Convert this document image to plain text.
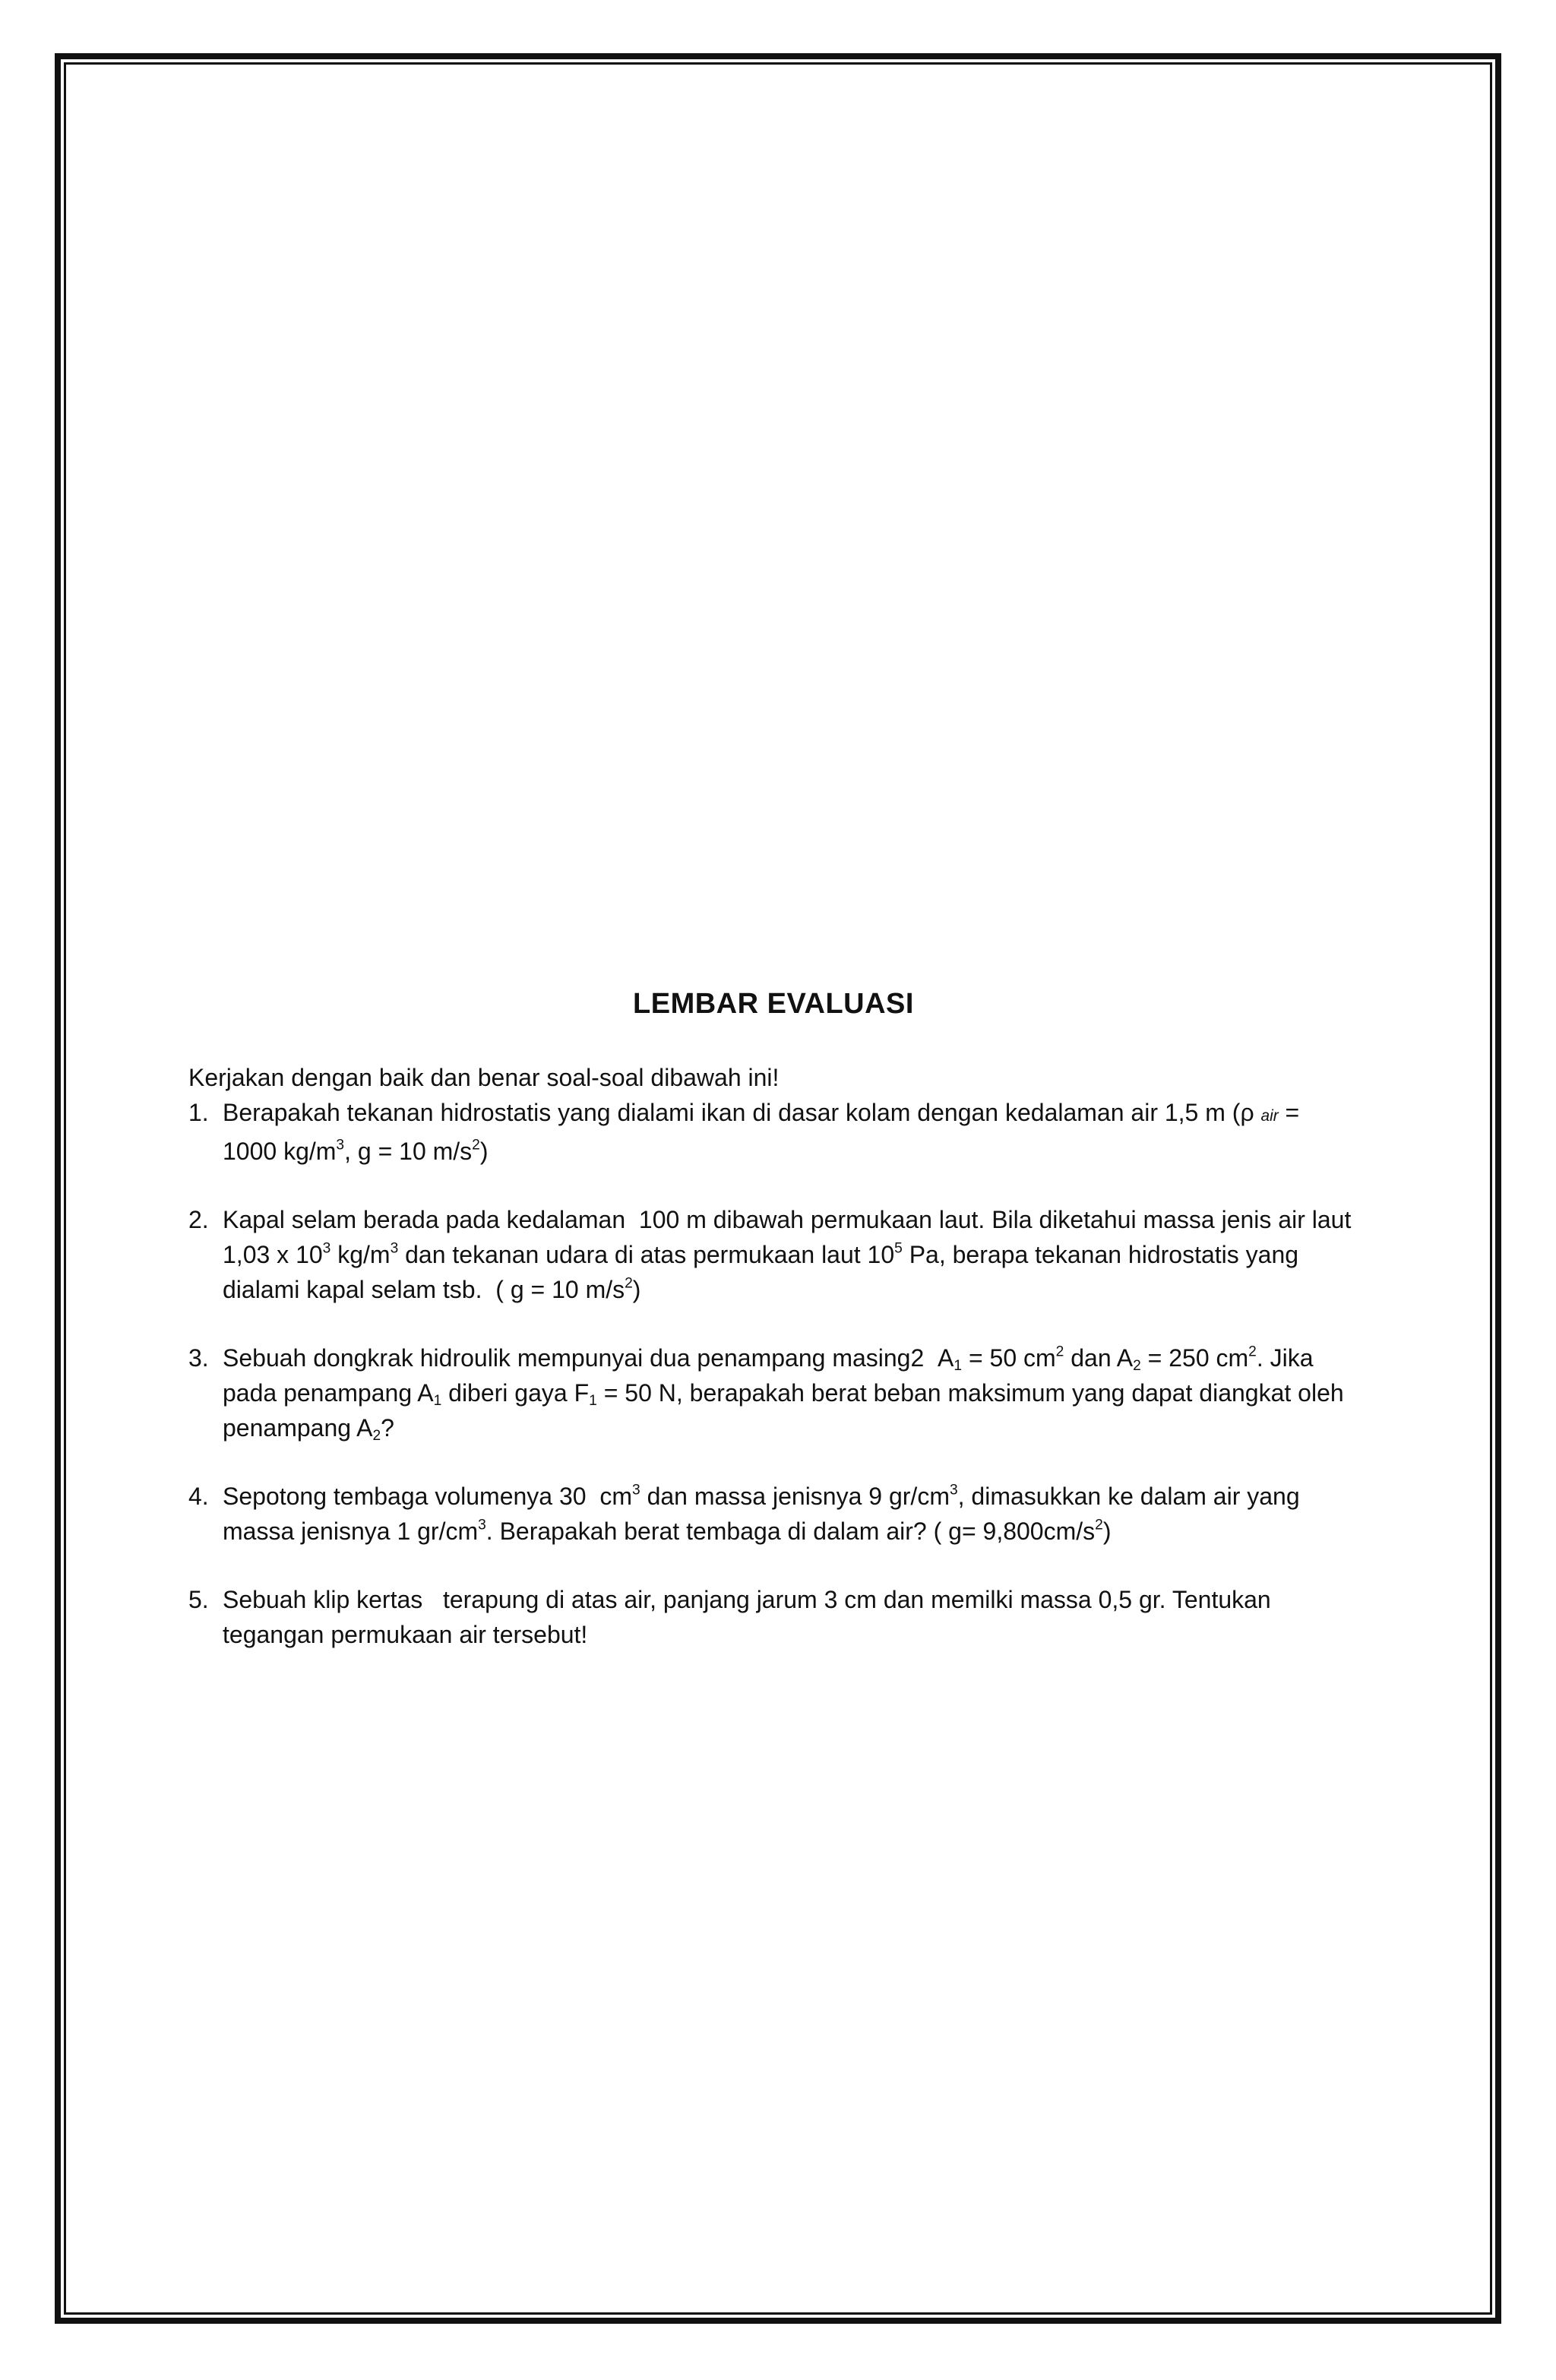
LEMBAR EVALUASI

Kerjakan dengan baik dan benar soal-soal dibawah ini!

1. Berapakah tekanan hidrostatis yang dialami ikan di dasar kolam dengan kedalaman air 1,5 m (ρ air = 1000 $kg/m^3$, g = 10 $m/s^2$)
2. Kapal selam berada pada kedalaman  100 m dibawah permukaan laut. Bila diketahui massa jenis air laut 1,03 x $10^3$ $kg/m^3$ dan tekanan udara di atas permukaan laut $10^5$ Pa, berapa tekanan hidrostatis yang dialami kapal selam tsb.  ( g = 10 $m/s^2$)
3. Sebuah dongkrak hidroulik mempunyai dua penampang masing2  $A_1 = 50$ $cm^2$ dan $A_2 = 250$ $cm^2$. Jika pada penampang $A_1$ diberi gaya $F_1 = 50$ N, berapakah berat beban maksimum yang dapat diangkat oleh penampang $A_2$?
4. Sepotong tembaga volumenya 30  $cm^3$ dan massa jenisnya 9 $gr/cm^3$, dimasukkan ke dalam air yang massa jenisnya 1 $gr/cm^3$. Berapakah berat tembaga di dalam air? ( $g= 9,800cm/s^2$)
5. Sebuah klip kertas   terapung di atas air, panjang jarum 3 cm dan memilki massa 0,5 gr. Tentukan tegangan permukaan air tersebut!
